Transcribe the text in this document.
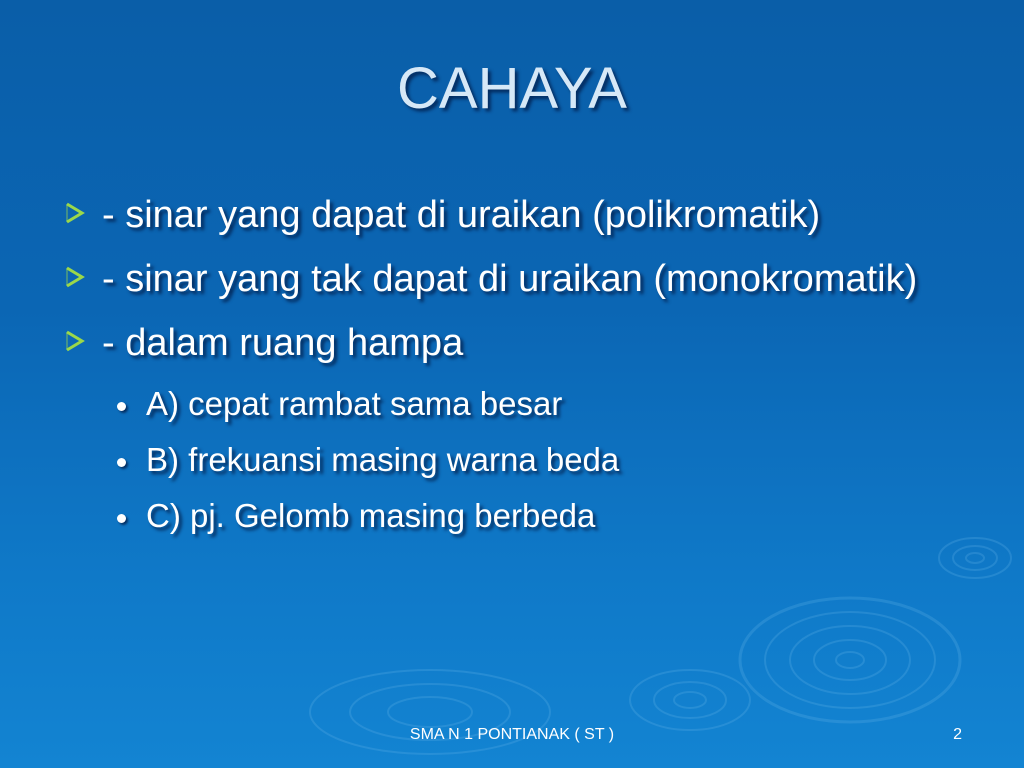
CAHAYA
- sinar yang dapat di uraikan (polikromatik)
- sinar yang tak dapat di uraikan (monokromatik)
- dalam ruang hampa
A) cepat rambat sama besar
B) frekuansi masing warna beda
C) pj. Gelomb masing berbeda
SMA N 1 PONTIANAK ( ST )	2
